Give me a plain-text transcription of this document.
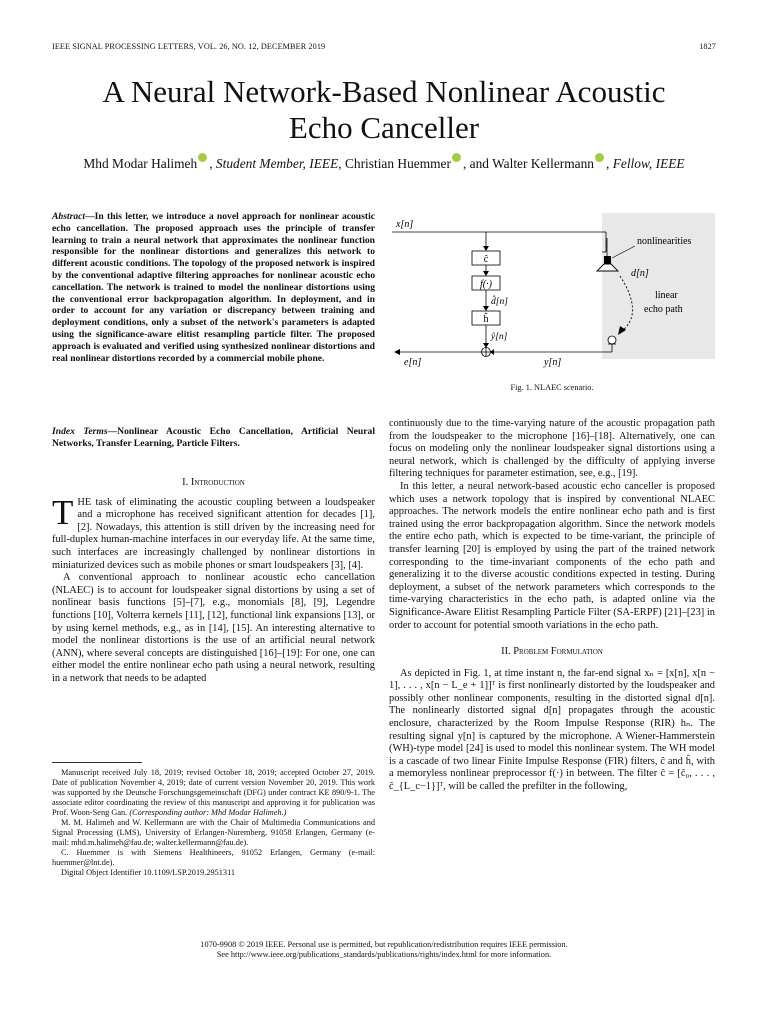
IEEE SIGNAL PROCESSING LETTERS, VOL. 26, NO. 12, DECEMBER 2019	1827
A Neural Network-Based Nonlinear Acoustic
Echo Canceller
Mhd Modar Halimeh , Student Member, IEEE, Christian Huemmer , and Walter Kellermann , Fellow, IEEE
Abstract—In this letter, we introduce a novel approach for nonlinear acoustic echo cancellation. The proposed approach uses the principle of transfer learning to train a neural network that approximates the nonlinear function responsible for the nonlinear distortions and generalizes this network to different acoustic conditions. The topology of the proposed network is inspired by the conventional adaptive filtering approaches for nonlinear acoustic echo cancellation. The network is trained to model the nonlinear distortions using the conventional error backpropagation algorithm. In deployment, and in order to account for any variation or discrepancy between training and deployment conditions, only a subset of the network's parameters is adapted using the significance-aware elitist resampling particle filter. The proposed approach is evaluated and verified using synthesized nonlinear distortions and real nonlinear distortions recorded by a commercial mobile phone.
Index Terms—Nonlinear Acoustic Echo Cancellation, Artificial Neural Networks, Transfer Learning, Particle Filters.
I. Introduction

THE task of eliminating the acoustic coupling between a loudspeaker and a microphone has received significant attention for decades [1], [2]. Nowadays, this attention is still driven by the increasing need for full-duplex human-machine interfaces in our everyday life. At the same time, such interfaces are increasingly challenged by nonlinear distortions in miniaturized devices such as mobile phones or smart loudspeakers [3], [4].

A conventional approach to nonlinear acoustic echo cancellation (NLAEC) is to account for loudspeaker signal distortions by using a set of nonlinear basis functions [5]–[7], e.g., monomials [8], [9], Legendre functions [10], Volterra kernels [11], [12], functional link expansions [13], or by using kernel methods, e.g., as in [14], [15]. An interesting alternative to model the nonlinear distortions is the use of an artificial neural network (ANN), where several concepts are distinguished [16]–[19]: For one, one can either model the entire nonlinear echo path using a neural network, resulting in a network that needs to be adapted

Manuscript received July 18, 2019; revised October 18, 2019; accepted October 27, 2019. Date of publication November 4, 2019; date of current version November 20, 2019. This work was supported by the Deutsche Forschungsgemeinschaft (DFG) under contract KE 890/9-1. The associate editor coordinating the review of this manuscript and approving it for publication was Prof. Woon-Seng Gan. (Corresponding author: Mhd Modar Halimeh.)

M. M. Halimeh and W. Kellermann are with the Chair of Multimedia Communications and Signal Processing (LMS), University of Erlangen-Nuremberg, 91058 Erlangen, Germany (e-mail: mhd.m.halimeh@fau.de; walter.kellermann@fau.de).

C. Huemmer is with Siemens Healthineers, 91052 Erlangen, Germany (e-mail: huemmer@lnt.de).

Digital Object Identifier 10.1109/LSP.2019.2951311

x[n]
ĉ
f(·)
d̂[n]
ĥ
ŷ[n]
e[n]	y[n]
nonlinearities
d[n]
linear
echo path
Fig. 1. NLAEC scenario.

continuously due to the time-varying nature of the acoustic propagation path from the loudspeaker to the microphone [16]–[18]. Alternatively, one can focus on modeling only the nonlinear loudspeaker signal distortions using a neural network, which is challenged by the difficulty of applying inverse filtering techniques for parameter estimation, see, e.g., [19].

In this letter, a neural network-based acoustic echo canceller is proposed which uses a network topology that is inspired by conventional NLAEC approaches. The network models the entire nonlinear echo path and is first trained using the error backpropagation algorithm. Since the network models the entire echo path, which is expected to be time-variant, the principle of transfer learning [20] is employed by using the part of the trained network corresponding to the time-invariant components of the echo path and generalizing it to the diverse acoustic conditions expected in testing. During deployment, a subset of the network parameters which corresponds to the time-varying characteristics in the echo path, is adapted online via the Significance-Aware Elitist Resampling Particle Filter (SA-ERPF) [21]–[23] in order to account for potential smooth variations in the echo path.

II. Problem Formulation

As depicted in Fig. 1, at time instant n, the far-end signal xₙ = [x[n], x[n − 1], . . . , x[n − L_e + 1]]ᵀ is first nonlinearly distorted by the loudspeaker and possibly other nonlinear components, resulting in the distorted signal d[n]. The nonlinearly distorted signal d[n] propagates through the acoustic enclosure, characterized by the Room Impulse Response (RIR) hₙ. The resulting signal y[n] is captured by the microphone. A Wiener-Hammerstein (WH)-type model [24] is used to model this nonlinear system. The WH model is a cascade of two linear Finite Impulse Response (FIR) filters, ĉ and ĥ, with a memoryless nonlinear preprocessor f(·) in between. The filter ĉ = [ĉ₀, . . . , ĉ_{L_c−1}]ᵀ, will be called the prefilter in the following,

1070-9908 © 2019 IEEE. Personal use is permitted, but republication/redistribution requires IEEE permission.
See http://www.ieee.org/publications_standards/publications/rights/index.html for more information.
